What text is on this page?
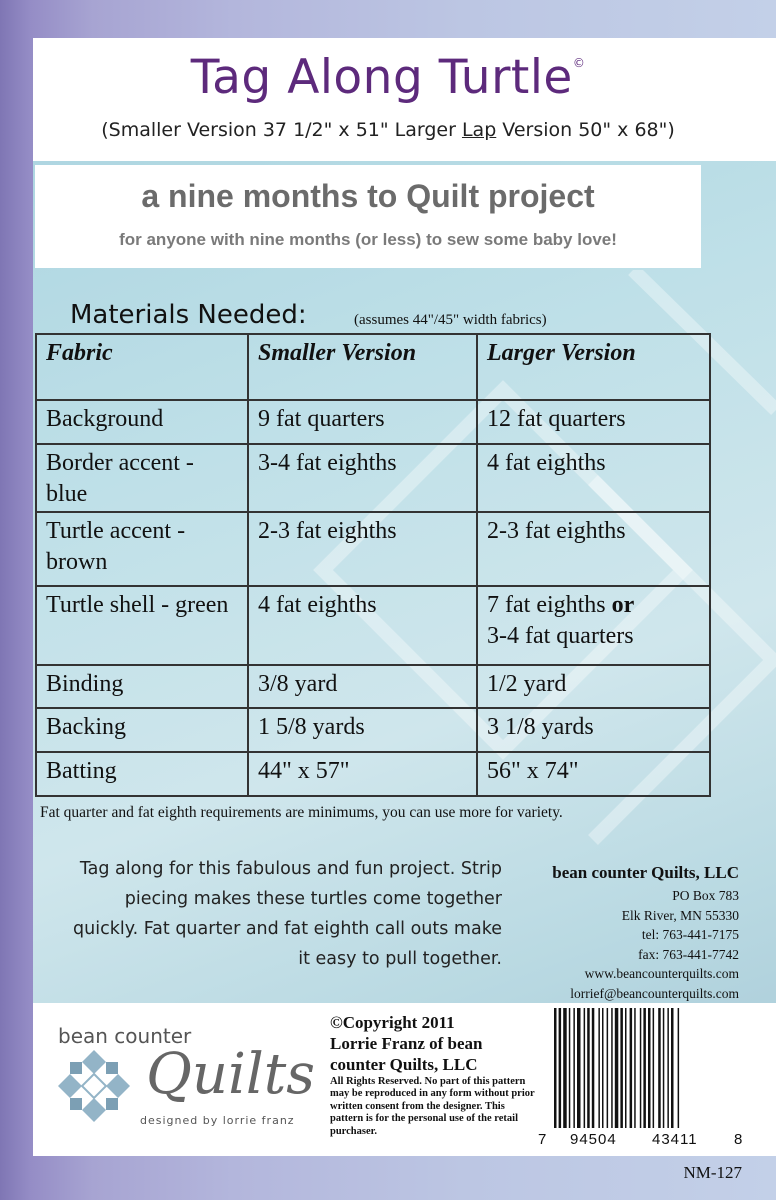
Tag Along Turtle©
(Smaller Version 37 1/2" x 51" Larger Lap Version 50" x 68")
a nine months to Quilt project
for anyone with nine months (or less) to sew some baby love!
Materials Needed:	(assumes 44"/45" width fabrics)
Fabric	Smaller Version	Larger Version
Background	9 fat quarters	12 fat quarters
Border accent - blue	3-4 fat eighths	4 fat eighths
Turtle accent - brown	2-3 fat eighths	2-3 fat eighths
Turtle shell - green	4 fat eighths	7 fat eighths or
3-4 fat quarters
Binding	3/8 yard	1/2 yard
Backing	1 5/8 yards	3 1/8 yards
Batting	44" x 57"	56" x 74"
Fat quarter and fat eighth requirements are minimums, you can use more for variety.
Tag along for this fabulous and fun project. Strip
piecing makes these turtles come together
quickly. Fat quarter and fat eighth call outs make
it easy to pull together.
bean counter Quilts, LLC
PO Box 783
Elk River, MN 55330
tel: 763-441-7175
fax: 763-441-7742
www.beancounterquilts.com
lorrief@beancounterquilts.com
bean counter
Quilts
designed by lorrie franz
©Copyright 2011
Lorrie Franz of bean
counter Quilts, LLC
All Rights Reserved. No part of this pattern may be reproduced in any form without prior written consent from the designer. This pattern is for the personal use of the retail purchaser.	7 94504 43411 8
NM-127
